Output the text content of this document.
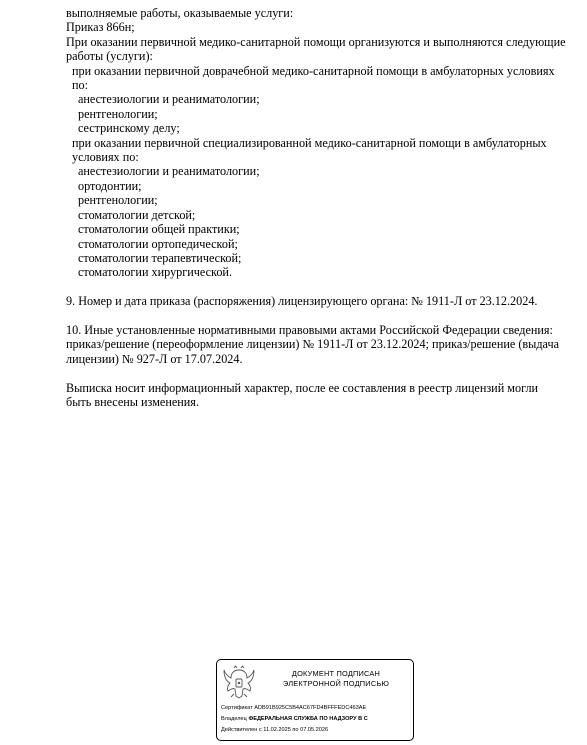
выполняемые работы, оказываемые услуги:
Приказ 866н;
При оказании первичной медико-санитарной помощи организуются и выполняются следующие работы (услуги):
при оказании первичной доврачебной медико-санитарной помощи в амбулаторных условиях по:
анестезиологии и реаниматологии;
рентгенологии;
сестринскому делу;
при оказании первичной специализированной медико-санитарной помощи в амбулаторных условиях по:
анестезиологии и реаниматологии;
ортодонтии;
рентгенологии;
стоматологии детской;
стоматологии общей практики;
стоматологии ортопедической;
стоматологии терапевтической;
стоматологии хирургической.
9. Номер и дата приказа (распоряжения) лицензирующего органа: № 1911-Л от 23.12.2024.
10. Иные установленные нормативными правовыми актами Российской Федерации сведения: приказ/решение (переоформление лицензии) № 1911-Л от 23.12.2024; приказ/решение (выдача лицензии) № 927-Л от 17.07.2024.
Выписка носит информационный характер, после ее составления в реестр лицензий могли быть внесены изменения.
ДОКУМЕНТ ПОДПИСАН
ЭЛЕКТРОННОЙ ПОДПИСЬЮ
Сертификат ADB91B925C5B4AC67FD4BFFFEDC463AE
Владелец ФЕДЕРАЛЬНАЯ СЛУЖБА ПО НАДЗОРУ В С
Действителен с 11.02.2025 по 07.05.2026
